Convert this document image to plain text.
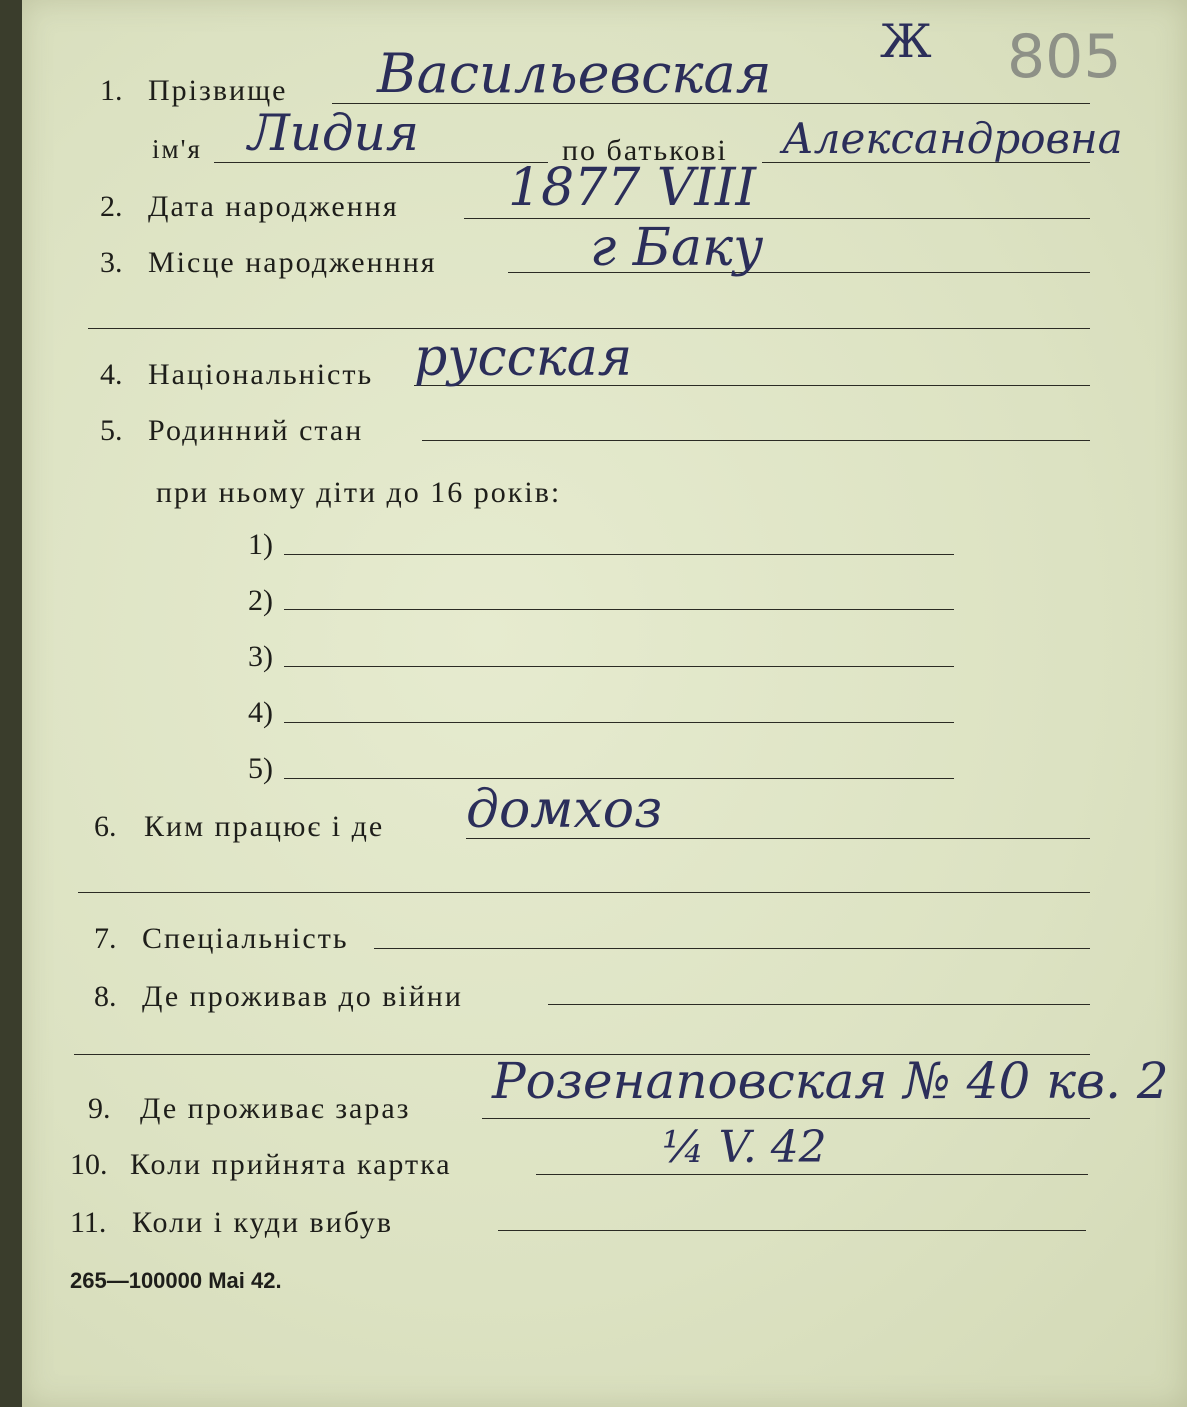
Ж 805
1. Прізвище Васильевская
ім'я Лидия	по батькові Александровна
2. Дата народження 1877 VIII
3. Місце народженння	г Баку
4. Національність русская
5. Родинний стан
при ньому діти до 16 років:
1)
2)
3)
4)
5)
6. Ким працює і де домхоз
7. Спеціальність
8. Де проживав до війни
9. Де проживає зараз Розенаповская № 40 кв. 2
10. Коли прийнята картка	¼ V. 42
11. Коли і куди вибув
265—100000 Mai 42.
